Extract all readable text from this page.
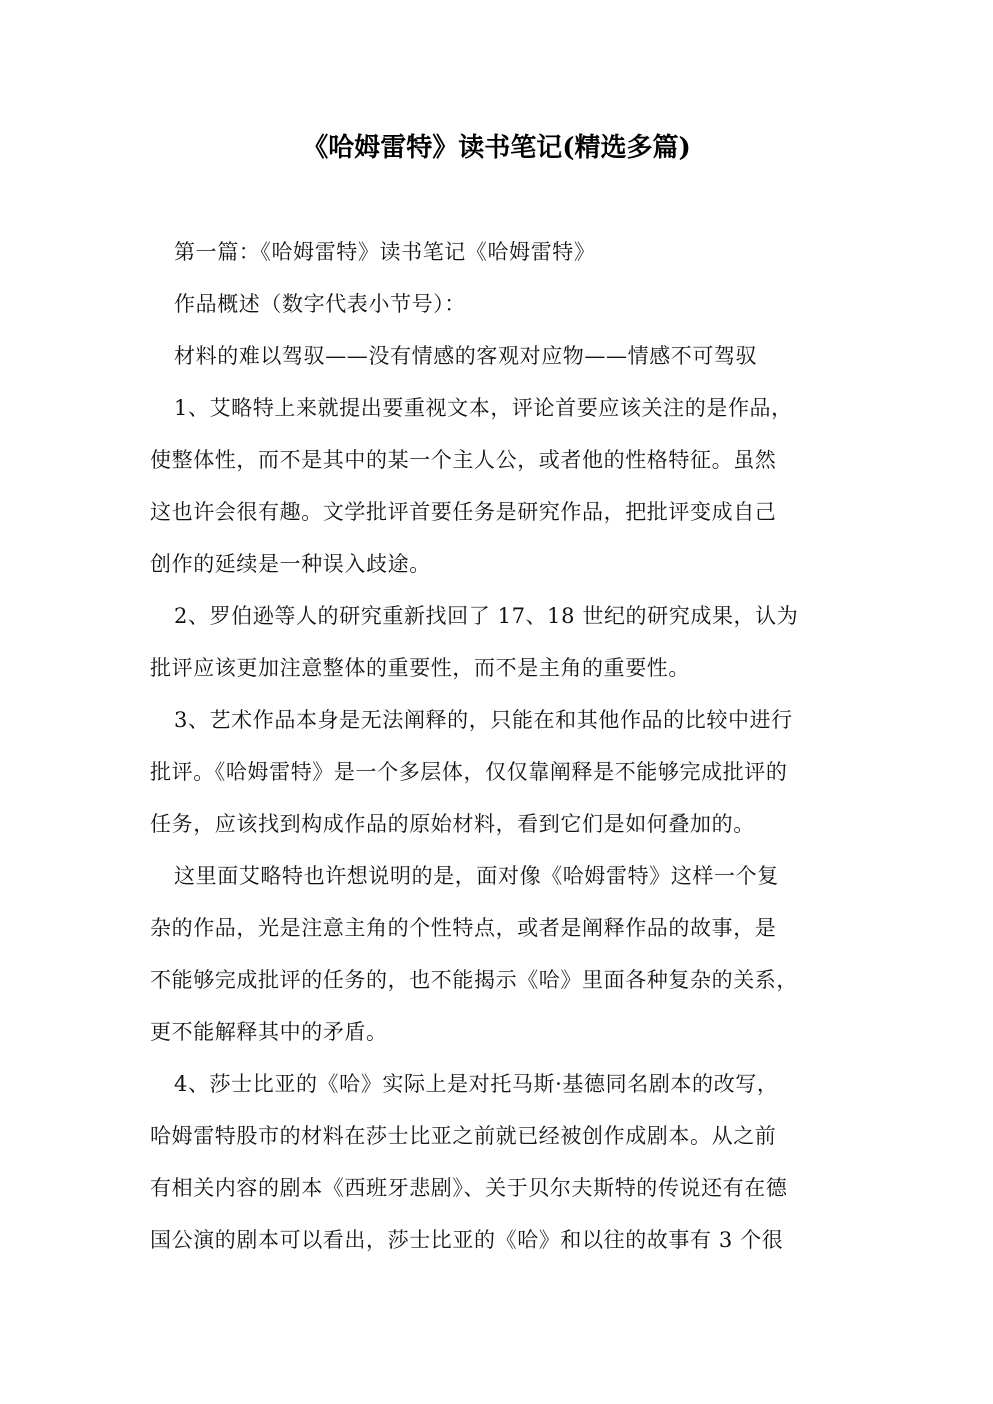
《哈姆雷特》读书笔记(精选多篇)
第一篇：《哈姆雷特》读书笔记《哈姆雷特》
作品概述（数字代表小节号）：
材料的难以驾驭——没有情感的客观对应物——情感不可驾驭
1、艾略特上来就提出要重视文本，评论首要应该关注的是作品，
使整体性，而不是其中的某一个主人公，或者他的性格特征。虽然
这也许会很有趣。文学批评首要任务是研究作品，把批评变成自己
创作的延续是一种误入歧途。
2、罗伯逊等人的研究重新找回了 17、18 世纪的研究成果，认为
批评应该更加注意整体的重要性，而不是主角的重要性。
3、艺术作品本身是无法阐释的，只能在和其他作品的比较中进行
批评。《哈姆雷特》是一个多层体，仅仅靠阐释是不能够完成批评的
任务，应该找到构成作品的原始材料，看到它们是如何叠加的。
这里面艾略特也许想说明的是，面对像《哈姆雷特》这样一个复
杂的作品，光是注意主角的个性特点，或者是阐释作品的故事，是
不能够完成批评的任务的，也不能揭示《哈》里面各种复杂的关系，
更不能解释其中的矛盾。
4、莎士比亚的《哈》实际上是对托马斯·基德同名剧本的改写，
哈姆雷特股市的材料在莎士比亚之前就已经被创作成剧本。从之前
有相关内容的剧本《西班牙悲剧》、关于贝尔夫斯特的传说还有在德
国公演的剧本可以看出，莎士比亚的《哈》和以往的故事有 3 个很
